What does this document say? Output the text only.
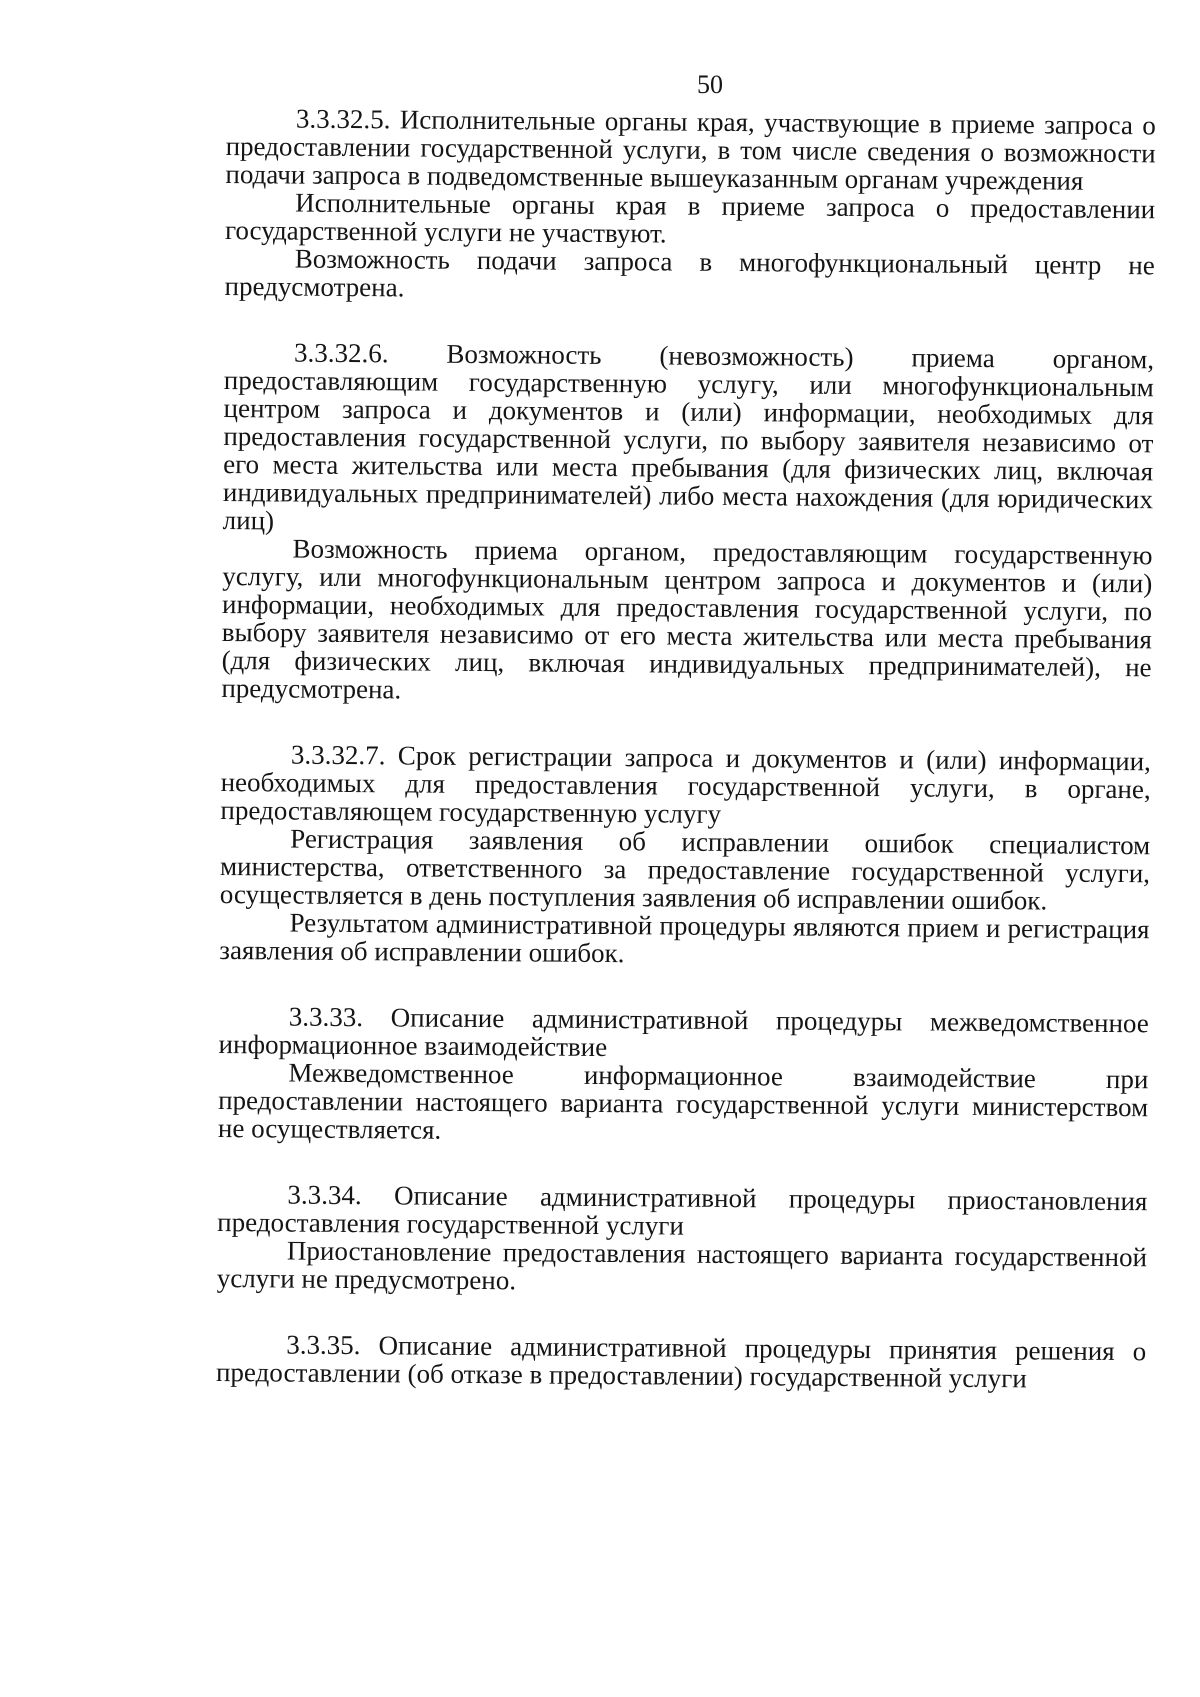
50

3.3.32.5. Исполнительные органы края, участвующие в приеме запроса о предоставлении государственной услуги, в том числе сведения о возможности подачи запроса в подведомственные вышеуказанным органам учреждения

Исполнительные органы края в приеме запроса о предоставлении государственной услуги не участвуют.

Возможность подачи запроса в многофункциональный центр не предусмотрена.

3.3.32.6. Возможность (невозможность) приема органом, предоставляющим государственную услугу, или многофункциональным центром запроса и документов и (или) информации, необходимых для предоставления государственной услуги, по выбору заявителя независимо от его места жительства или места пребывания (для физических лиц, включая индивидуальных предпринимателей) либо места нахождения (для юридических лиц)

Возможность приема органом, предоставляющим государственную услугу, или многофункциональным центром запроса и документов и (или) информации, необходимых для предоставления государственной услуги, по выбору заявителя независимо от его места жительства или места пребывания (для физических лиц, включая индивидуальных предпринимателей), не предусмотрена.

3.3.32.7. Срок регистрации запроса и документов и (или) информации, необходимых для предоставления государственной услуги, в органе, предоставляющем государственную услугу

Регистрация заявления об исправлении ошибок специалистом министерства, ответственного за предоставление государственной услуги, осуществляется в день поступления заявления об исправлении ошибок.

Результатом административной процедуры являются прием и регистрация заявления об исправлении ошибок.

3.3.33. Описание административной процедуры межведомственное информационное взаимодействие

Межведомственное информационное взаимодействие при предоставлении настоящего варианта государственной услуги министерством не осуществляется.

3.3.34. Описание административной процедуры приостановления предоставления государственной услуги

Приостановление предоставления настоящего варианта государственной услуги не предусмотрено.

3.3.35. Описание административной процедуры принятия решения о предоставлении (об отказе в предоставлении) государственной услуги
